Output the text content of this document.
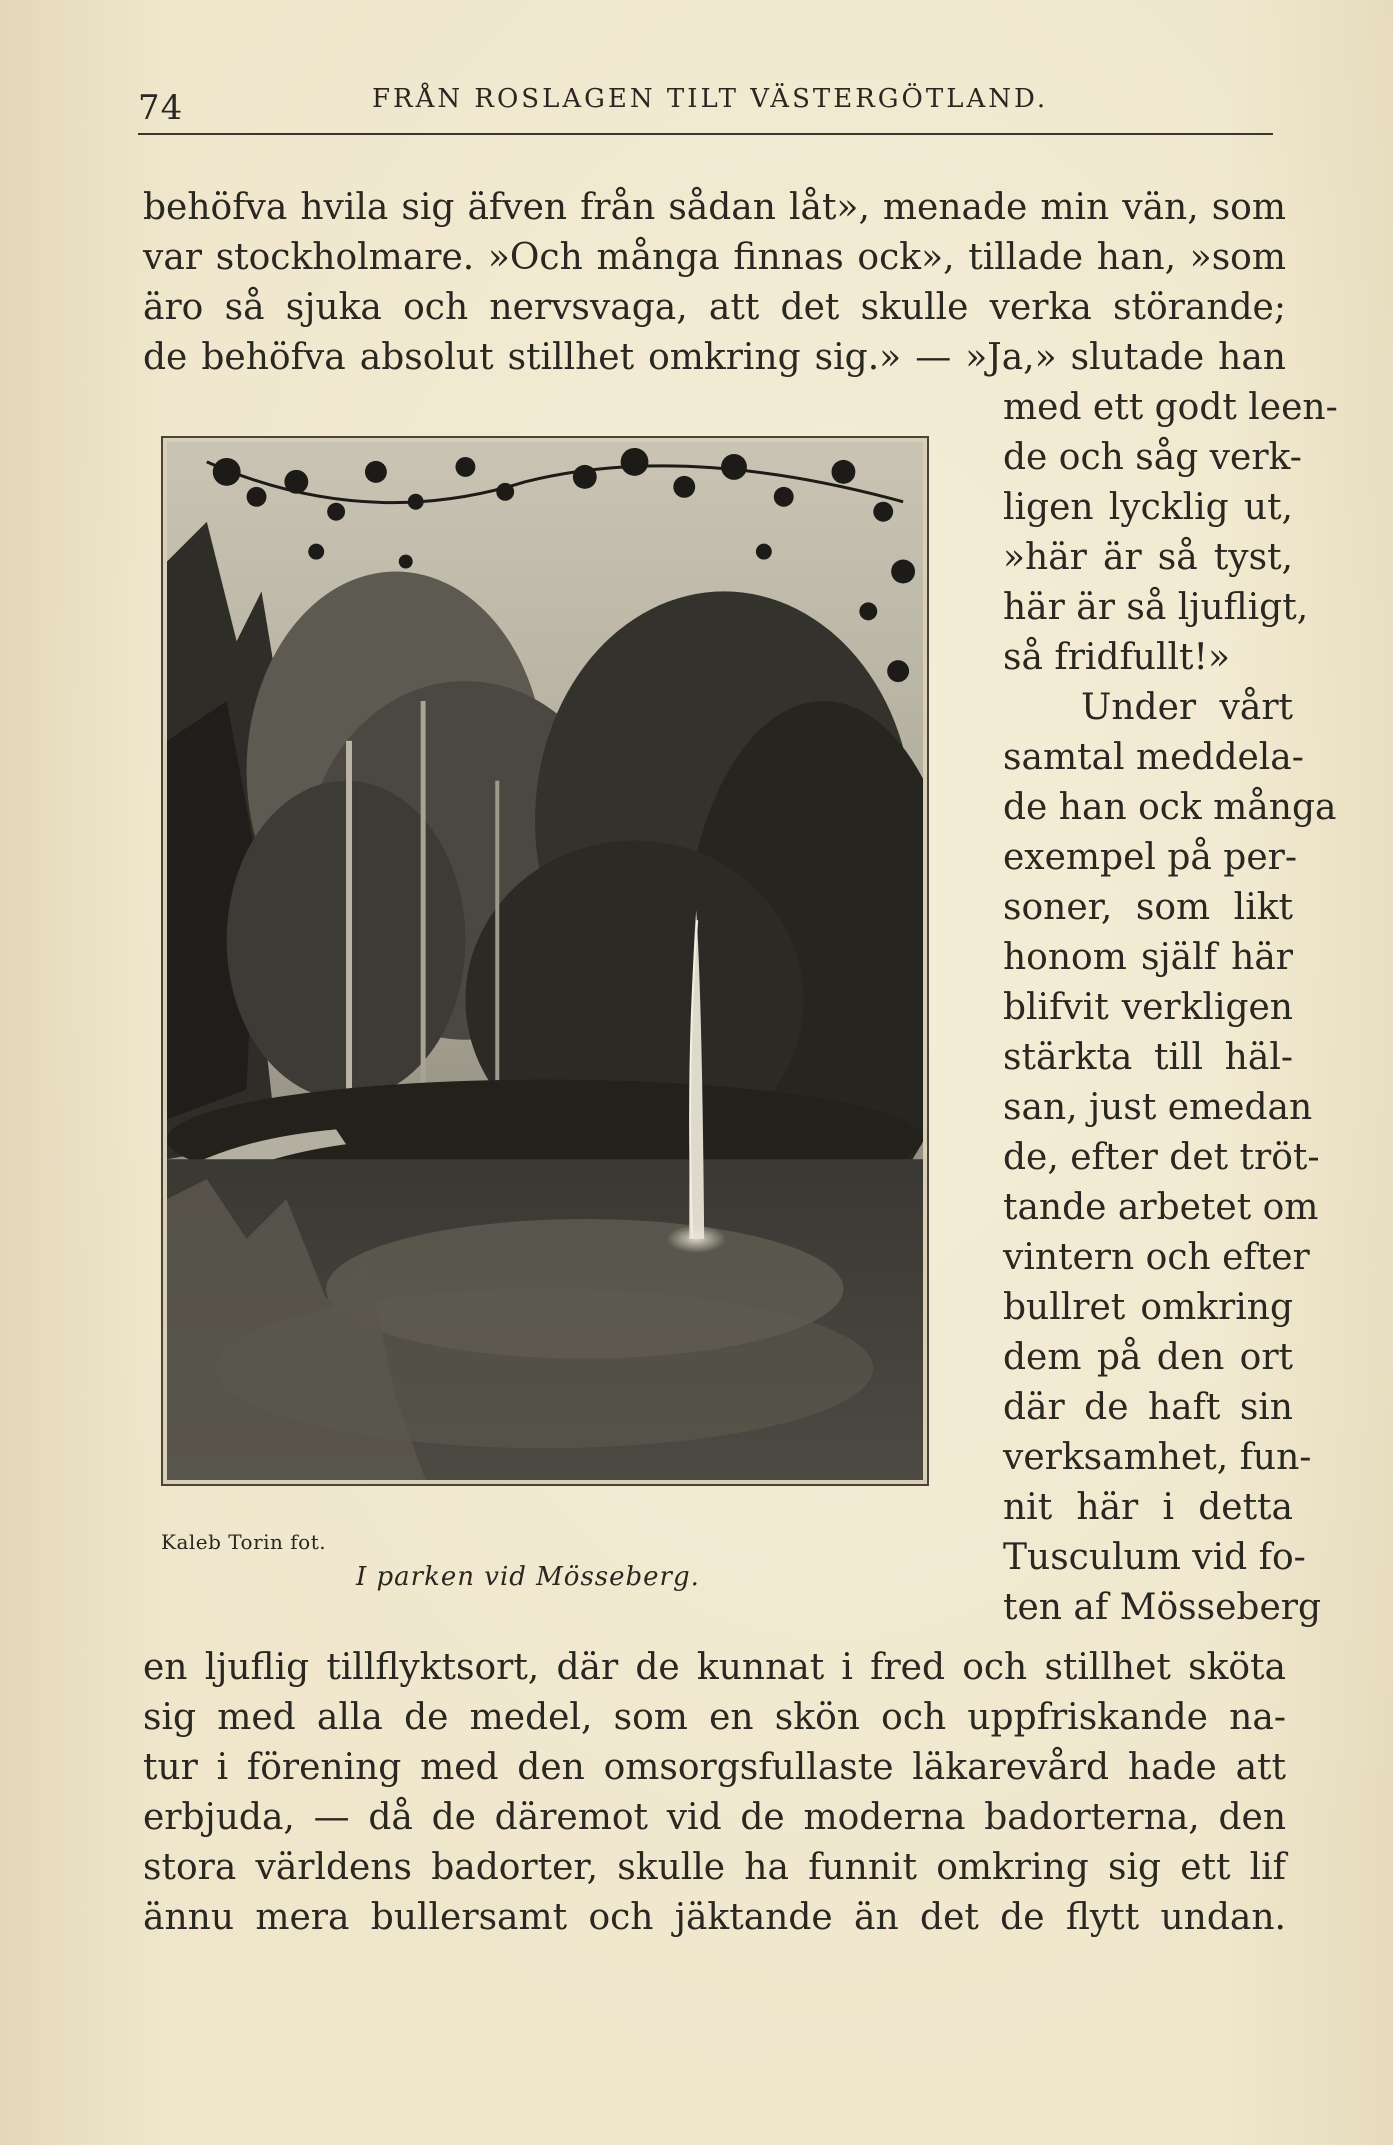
74	FRÅN ROSLAGEN TILT VÄSTERGÖTLAND.
behöfva hvila sig äfven från sådan låt», menade min vän, som
var stockholmare. »Och många finnas ock», tillade han, »som
äro så sjuka och nervsvaga, att det skulle verka störande;
de behöfva absolut stillhet omkring sig.» — »Ja,» slutade han
med ett godt leen-
de och såg verk-
ligen lycklig ut,
»här är så tyst,
här är så ljufligt,
så fridfullt!»
Under vårt
samtal meddela-
de han ock många
exempel på per-
soner, som likt
honom själf här
blifvit verkligen
stärkta till häl-
san, just emedan
de, efter det tröt-
tande arbetet om
vintern och efter
bullret omkring
dem på den ort
där de haft sin
verksamhet, fun-
nit här i detta
Tusculum vid fo-
ten af Mösseberg
en ljuflig tillflyktsort, där de kunnat i fred och stillhet sköta
sig med alla de medel, som en skön och uppfriskande na-
tur i förening med den omsorgsfullaste läkarevård hade att
erbjuda, — då de däremot vid de moderna badorterna, den
stora världens badorter, skulle ha funnit omkring sig ett lif
ännu mera bullersamt och jäktande än det de flytt undan.
Kaleb Torin fot.
I parken vid Mösseberg.
